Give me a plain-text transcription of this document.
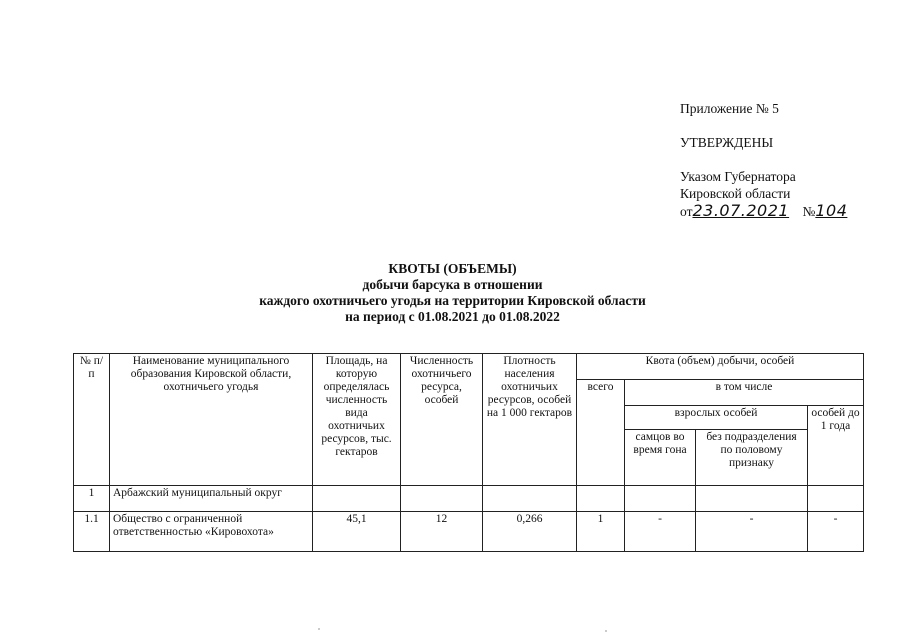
Приложение № 5
УТВЕРЖДЕНЫ
Указом Губернатора
Кировской области
от23.07.2021 №104
КВОТЫ (ОБЪЕМЫ)
добычи барсука в отношении
каждого охотничьего угодья на территории Кировской области
на период с 01.08.2021 до 01.08.2022
№ п/п	Наименование муниципального образования Кировской области, охотничьего угодья	Площадь, на которую определялась численность вида охотничьих ресурсов, тыс. гектаров	Численность охотничьего ресурса, особей	Плотность населения охотничьих ресурсов, особей на 1 000 гектаров	Квота (объем) добычи, особей			
					всего	в том числе		
						взрослых особей		особей до 1 года
						самцов во время гона	без подразделения по половому признаку	
1	Арбажский муниципальный округ							
1.1	Общество с ограниченной ответственностью «Кировохота»	45,1	12	0,266	1	-	-	-
